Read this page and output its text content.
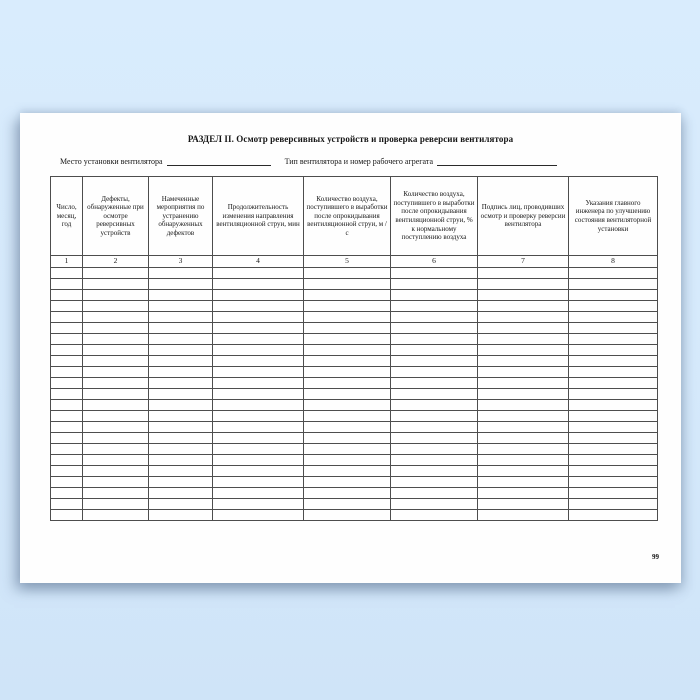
РАЗДЕЛ II. Осмотр реверсивных устройств и проверка реверсии вентилятора
Место установки вентилятора	Тип вентилятора и номер рабочего агрегата
Число, месяц, год	Дефекты, обнаруженные при осмотре реверсивных устройств	Намеченные мероприятия по устранению обнаруженных дефектов	Продолжительность изменения направления вентиляционной струи, мин	Количество воздуха, поступившего в выработки после опрокидывания вентиляционной струи, м /с	Количество воздуха, поступившего в выработки после опрокидывания вентиляционной струи, % к нормальному поступлению воздуха	Подпись лиц, проводивших осмотр и проверку реверсии вентилятора	Указания главного инженера по улучшению состояния вентиляторной установки
1	2	3	4	5	6	7	8

99
